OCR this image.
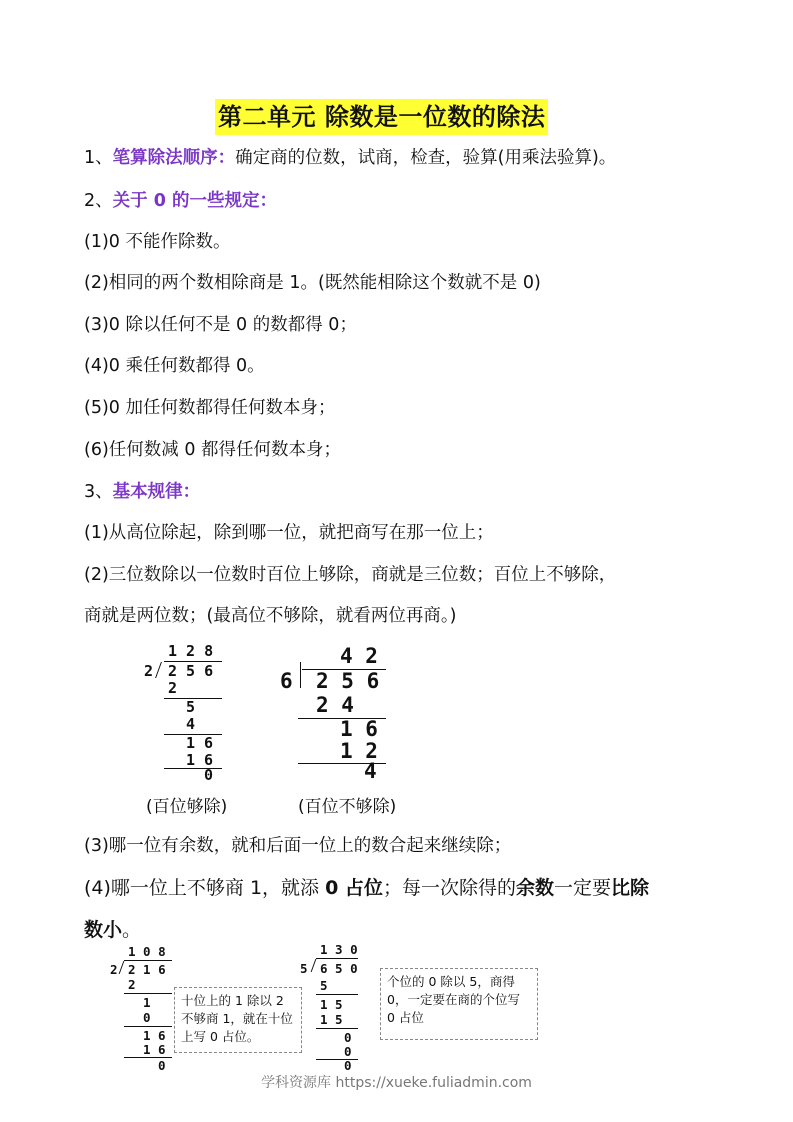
第二单元 除数是一位数的除法
1、笔算除法顺序：确定商的位数，试商，检查，验算(用乘法验算)。
2、关于 0 的一些规定：
(1)0 不能作除数。
(2)相同的两个数相除商是 1。(既然能相除这个数就不是 0)
(3)0 除以任何不是 0 的数都得 0；
(4)0 乘任何数都得 0。
(5)0 加任何数都得任何数本身；
(6)任何数减 0 都得任何数本身；
3、基本规律：
(1)从高位除起，除到哪一位，就把商写在那一位上；
(2)三位数除以一位数时百位上够除，商就是三位数；百位上不够除，
商就是两位数；(最高位不够除，就看两位再商。)
1 2 8
2 2 5 6
2
5
4
1 6
1 6
0
(百位够除)
4 2
6 2 5 6
2 4
1 6
1 2
4
(百位不够除)
(3)哪一位有余数，就和后面一位上的数合起来继续除；
(4)哪一位上不够商 1，就添 0 占位；每一次除得的余数一定要比除
数小。
1 0 8
2 2 1 6
2
1
0
1 6
1 6
0
十位上的 1 除以 2 不够商 1，就在十位上写 0 占位。
1 3 0
5 6 5 0
5
1 5
1 5
0
0
0
个位的 0 除以 5，商得 0，一定要在商的个位写 0 占位
学科资源库 https://xueke.fuliadmin.com
